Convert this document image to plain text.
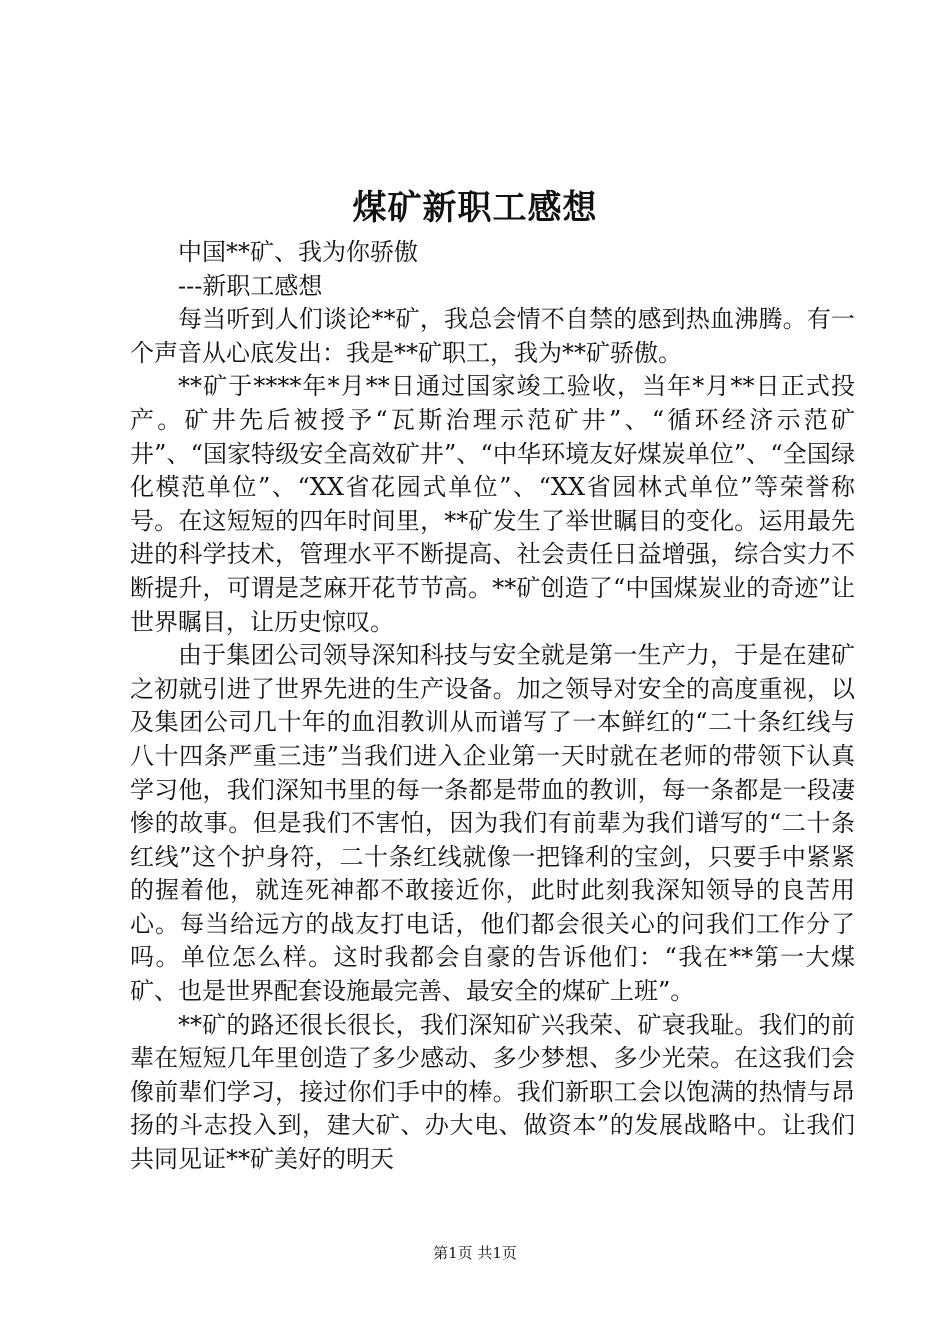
煤矿新职工感想

中国**矿、我为你骄傲

---新职工感想

每当听到人们谈论**矿，我总会情不自禁的感到热血沸腾。有一个声音从心底发出：我是**矿职工，我为**矿骄傲。

**矿于****年*月**日通过国家竣工验收，当年*月**日正式投产。矿井先后被授予“瓦斯治理示范矿井”、“循环经济示范矿井”、“国家特级安全高效矿井”、“中华环境友好煤炭单位”、“全国绿化模范单位”、“XX省花园式单位”、“XX省园林式单位”等荣誉称号。在这短短的四年时间里，**矿发生了举世瞩目的变化。运用最先进的科学技术，管理水平不断提高、社会责任日益增强，综合实力不断提升，可谓是芝麻开花节节高。**矿创造了“中国煤炭业的奇迹”让世界瞩目，让历史惊叹。

由于集团公司领导深知科技与安全就是第一生产力，于是在建矿之初就引进了世界先进的生产设备。加之领导对安全的高度重视，以及集团公司几十年的血泪教训从而谱写了一本鲜红的“二十条红线与八十四条严重三违”当我们进入企业第一天时就在老师的带领下认真学习他，我们深知书里的每一条都是带血的教训，每一条都是一段凄惨的故事。但是我们不害怕，因为我们有前辈为我们谱写的“二十条红线”这个护身符，二十条红线就像一把锋利的宝剑，只要手中紧紧的握着他，就连死神都不敢接近你，此时此刻我深知领导的良苦用心。每当给远方的战友打电话，他们都会很关心的问我们工作分了吗。单位怎么样。这时我都会自豪的告诉他们：“我在**第一大煤矿、也是世界配套设施最完善、最安全的煤矿上班”。

**矿的路还很长很长，我们深知矿兴我荣、矿衰我耻。我们的前辈在短短几年里创造了多少感动、多少梦想、多少光荣。在这我们会像前辈们学习，接过你们手中的棒。我们新职工会以饱满的热情与昂扬的斗志投入到，建大矿、办大电、做资本”的发展战略中。让我们共同见证**矿美好的明天

第1页 共1页
